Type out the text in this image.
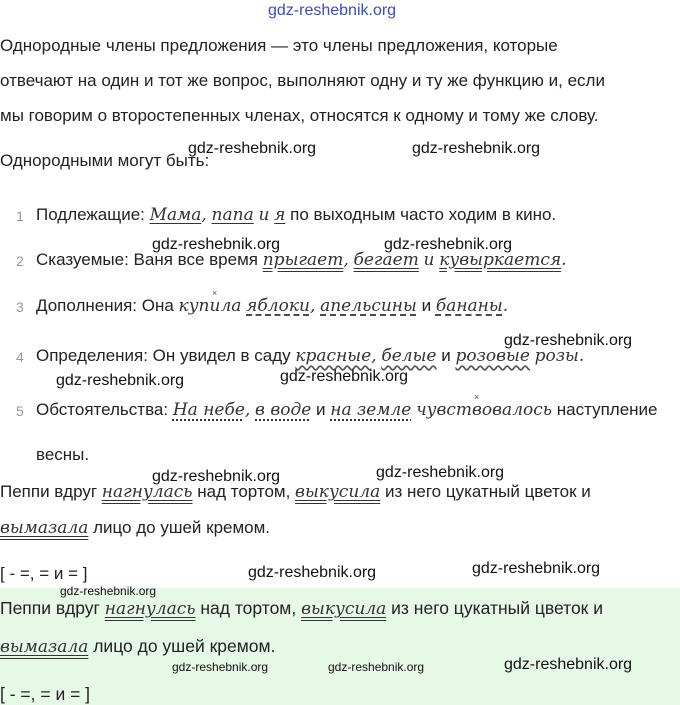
gdz-reshebnik.org
Однородные члены предложения — это члены предложения, которые
отвечают на один и тот же вопрос, выполняют одну и ту же функцию и, если
мы говорим о второстепенных членах, относятся к одному и тому же слову.
Однородными могут быть:
gdz-reshebnik.org	gdz-reshebnik.org
1 Подлежащие: Мама, папа и я по выходным часто ходим в кино.
gdz-reshebnik.org	gdz-reshebnik.org
2 Сказуемые: Ваня все время прыгает, бегает и кувыркается.
3
×
Дополнения: Она купила яблоки, апельсины и бананы.
gdz-reshebnik.org
4 Определения: Он увидел в саду красные, белые и розовые розы.
gdz-reshebnik.org	gdz-reshebnik.org
5
×
Обстоятельства: На небе, в воде и на земле чувствовалось наступление
весны.
gdz-reshebnik.org	gdz-reshebnik.org
Пеппи вдруг нагнулась над тортом, выкусила из него цукатный цветок и
вымазала лицо до ушей кремом.
[ - =, = и = ]	gdz-reshebnik.org	gdz-reshebnik.org
gdz-reshebnik.org
Пеппи вдруг нагнулась над тортом, выкусила из него цукатный цветок и
вымазала лицо до ушей кремом.
gdz-reshebnik.org	gdz-reshebnik.org	gdz-reshebnik.org
[ - =, = и = ]
